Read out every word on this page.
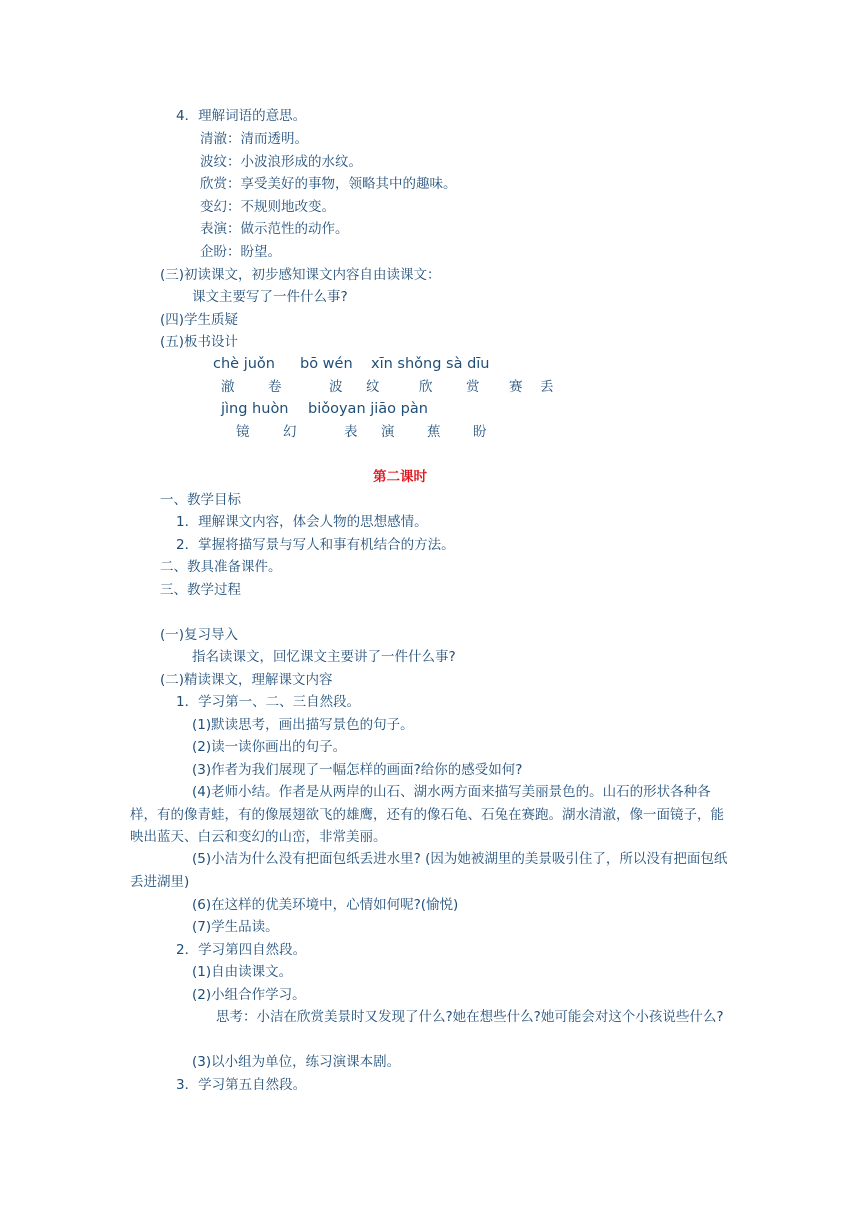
4．理解词语的意思。
清澈：清而透明。
波纹：小波浪形成的水纹。
欣赏：享受美好的事物，领略其中的趣味。
变幻：不规则地改变。
表演：做示范性的动作。
企盼：盼望。
(三)初读课文，初步感知课文内容自由读课文：
课文主要写了一件什么事?
(四)学生质疑
(五)板书设计
chè juǒn bō wén xīn shǒng sà dīu
澈 卷	波 纹	欣 赏 赛 丢
jìng huòn biǒoyan jiāo pàn
镜 幻	表 演 蕉 盼
第二课时
一、教学目标
1．理解课文内容，体会人物的思想感情。
2．掌握将描写景与写人和事有机结合的方法。
二、教具准备课件。
三、教学过程
(一)复习导入
指名读课文，回忆课文主要讲了一件什么事?
(二)精读课文，理解课文内容
1．学习第一、二、三自然段。
(1)默读思考，画出描写景色的句子。
(2)读一读你画出的句子。
(3)作者为我们展现了一幅怎样的画面?给你的感受如何?
(4)老师小结。作者是从两岸的山石、湖水两方面来描写美丽景色的。山石的形状各种各样，有的像青蛙，有的像展翅欲飞的雄鹰，还有的像石龟、石兔在赛跑。湖水清澈，像一面镜子，能映出蓝天、白云和变幻的山峦，非常美丽。
(5)小洁为什么没有把面包纸丢进水里? (因为她被湖里的美景吸引住了，所以没有把面包纸丢进湖里)
(6)在这样的优美环境中，心情如何呢?(愉悦)
(7)学生品读。
2．学习第四自然段。
(1)自由读课文。
(2)小组合作学习。
思考：小洁在欣赏美景时又发现了什么?她在想些什么?她可能会对这个小孩说些什么?
(3)以小组为单位，练习演课本剧。
3．学习第五自然段。
